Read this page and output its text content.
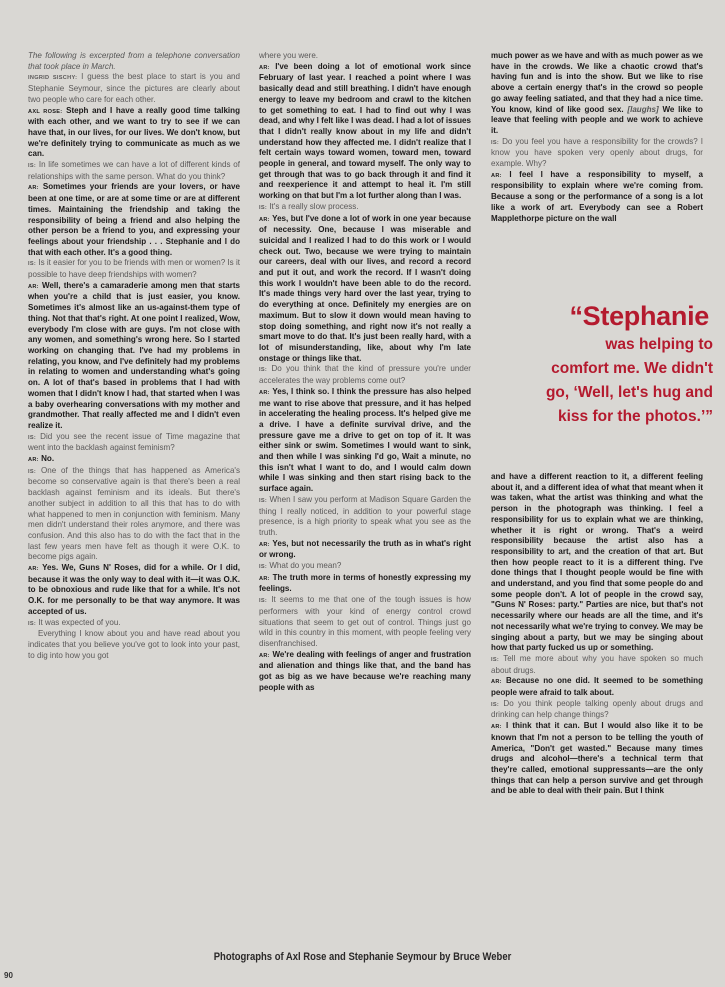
The following is excerpted from a telephone conversation that took place in March.

INGRID SISCHY: I guess the best place to start is you and Stephanie Seymour, since the pictures are clearly about two people who care for each other.

AXL ROSE: Steph and I have a really good time talking with each other, and we want to try to see if we can have that, in our lives, for our lives. We don't know, but we're definitely trying to communicate as much as we can.

IS: In life sometimes we can have a lot of different kinds of relationships with the same person. What do you think?

AR: Sometimes your friends are your lovers, or have been at one time, or are at some time or are at different times. Maintaining the friendship and taking the responsibility of being a friend and also helping the other person be a friend to you, and expressing your feelings about your friendship . . . Stephanie and I do that with each other. It's a good thing.

IS: Is it easier for you to be friends with men or women? Is it possible to have deep friendships with women?

AR: Well, there's a camaraderie among men that starts when you're a child that is just easier, you know. Sometimes it's almost like an us-against-them type of thing. Not that that's right. At one point I realized, Wow, everybody I'm close with are guys. I'm not close with any women, and something's wrong here. So I started working on changing that. I've had my problems in relating, you know, and I've definitely had my problems in relating to women and understanding what's going on. A lot of that's based in problems that I had with women that I didn't know I had, that started when I was a baby overhearing conversations with my mother and grandmother. That really affected me and I didn't even realize it.

IS: Did you see the recent issue of Time magazine that went into the backlash against feminism?

AR: No.

IS: One of the things that has happened as America's become so conservative again is that there's been a real backlash against feminism and its ideals. But there's another subject in addition to all this that has to do with what happened to men in conjunction with feminism. Many men didn't understand their roles anymore, and there was confusion. And this also has to do with the fact that in the last few years men have felt as though it were O.K. to become pigs again.

AR: Yes. We, Guns N' Roses, did for a while. Or I did, because it was the only way to deal with it—it was O.K. to be obnoxious and rude like that for a while. It's not O.K. for me personally to be that way anymore. It was accepted of us.

IS: It was expected of you.

Everything I know about you and have read about you indicates that you believe you've got to look into your past, to dig into how you got

where you were.

AR: I've been doing a lot of emotional work since February of last year. I reached a point where I was basically dead and still breathing. I didn't have enough energy to leave my bedroom and crawl to the kitchen to get something to eat. I had to find out why I was dead, and why I felt like I was dead. I had a lot of issues that I didn't really know about in my life and didn't understand how they affected me. I didn't realize that I felt certain ways toward women, toward men, toward people in general, and toward myself. The only way to get through that was to go back through it and find it and reexperience it and attempt to heal it. I'm still working on that but I'm a lot further along than I was.

IS: It's a really slow process.

AR: Yes, but I've done a lot of work in one year because of necessity. One, because I was miserable and suicidal and I realized I had to do this work or I would check out. Two, because we were trying to maintain our careers, deal with our lives, and record a record and put it out, and work the record. If I wasn't doing this work I wouldn't have been able to do the record. It's made things very hard over the last year, trying to do everything at once. Definitely my energies are on maximum. But to slow it down would mean having to stop doing something, and right now it's not really a smart move to do that. It's just been really hard, with a lot of misunderstanding, like, about why I'm late onstage or things like that.

IS: Do you think that the kind of pressure you're under accelerates the way problems come out?

AR: Yes, I think so. I think the pressure has also helped me want to rise above that pressure, and it has helped in accelerating the healing process. It's helped give me a drive. I have a definite survival drive, and the pressure gave me a drive to get on top of it. It was either sink or swim. Sometimes I would want to sink, and then while I was sinking I'd go, Wait a minute, no this isn't what I want to do, and I would calm down while I was sinking and then start rising back to the surface again.

IS: When I saw you perform at Madison Square Garden the thing I really noticed, in addition to your powerful stage presence, is a high priority to speak what you see as the truth.

AR: Yes, but not necessarily the truth as in what's right or wrong.

IS: What do you mean?

AR: The truth more in terms of honestly expressing my feelings.

IS: It seems to me that one of the tough issues is how performers with your kind of energy control crowd situations that seem to get out of control. Things just go wild in this country in this moment, with people feeling very disenfranchised.

AR: We're dealing with feelings of anger and frustration and alienation and things like that, and the band has got as big as we have because we're reaching many people with as

much power as we have and with as much power as we have in the crowds. We like a chaotic crowd that's having fun and is into the show. But we like to rise above a certain energy that's in the crowd so people go away feeling satiated, and that they had a nice time. You know, kind of like good sex. [laughs] We like to leave that feeling with people and we work to achieve it.

IS: Do you feel you have a responsibility for the crowds? I know you have spoken very openly about drugs, for example. Why?

AR: I feel I have a responsibility to myself, a responsibility to explain where we're coming from. Because a song or the performance of a song is a lot like a work of art. Everybody can see a Robert Mapplethorpe picture on the wall

“Stephanie
was helping to
comfort me. We didn't
go, ‘Well, let's hug and
kiss for the photos.’”

and have a different reaction to it, a different feeling about it, and a different idea of what that meant when it was taken, what the artist was thinking and what the person in the photograph was thinking. I feel a responsibility for us to explain what we are thinking, whether it is right or wrong. That's a weird responsibility because the artist also has a responsibility to art, and the creation of that art. But then how people react to it is a different thing. I've done things that I thought people would be fine with and understand, and you find that some people do and some people don't. A lot of people in the crowd say, "Guns N' Roses: party." Parties are nice, but that's not necessarily where our heads are all the time, and it's not necessarily what we're trying to convey. We may be singing about a party, but we may be singing about how that party fucked us up or something.

IS: Tell me more about why you have spoken so much about drugs.

AR: Because no one did. It seemed to be something people were afraid to talk about.

IS: Do you think people talking openly about drugs and drinking can help change things?

AR: I think that it can. But I would also like it to be known that I'm not a person to be telling the youth of America, "Don't get wasted." Because many times drugs and alcohol—there's a technical term that they're called, emotional suppressants—are the only things that can help a person survive and get through and be able to deal with their pain. But I think

Photographs of Axl Rose and Stephanie Seymour by Bruce Weber
90
